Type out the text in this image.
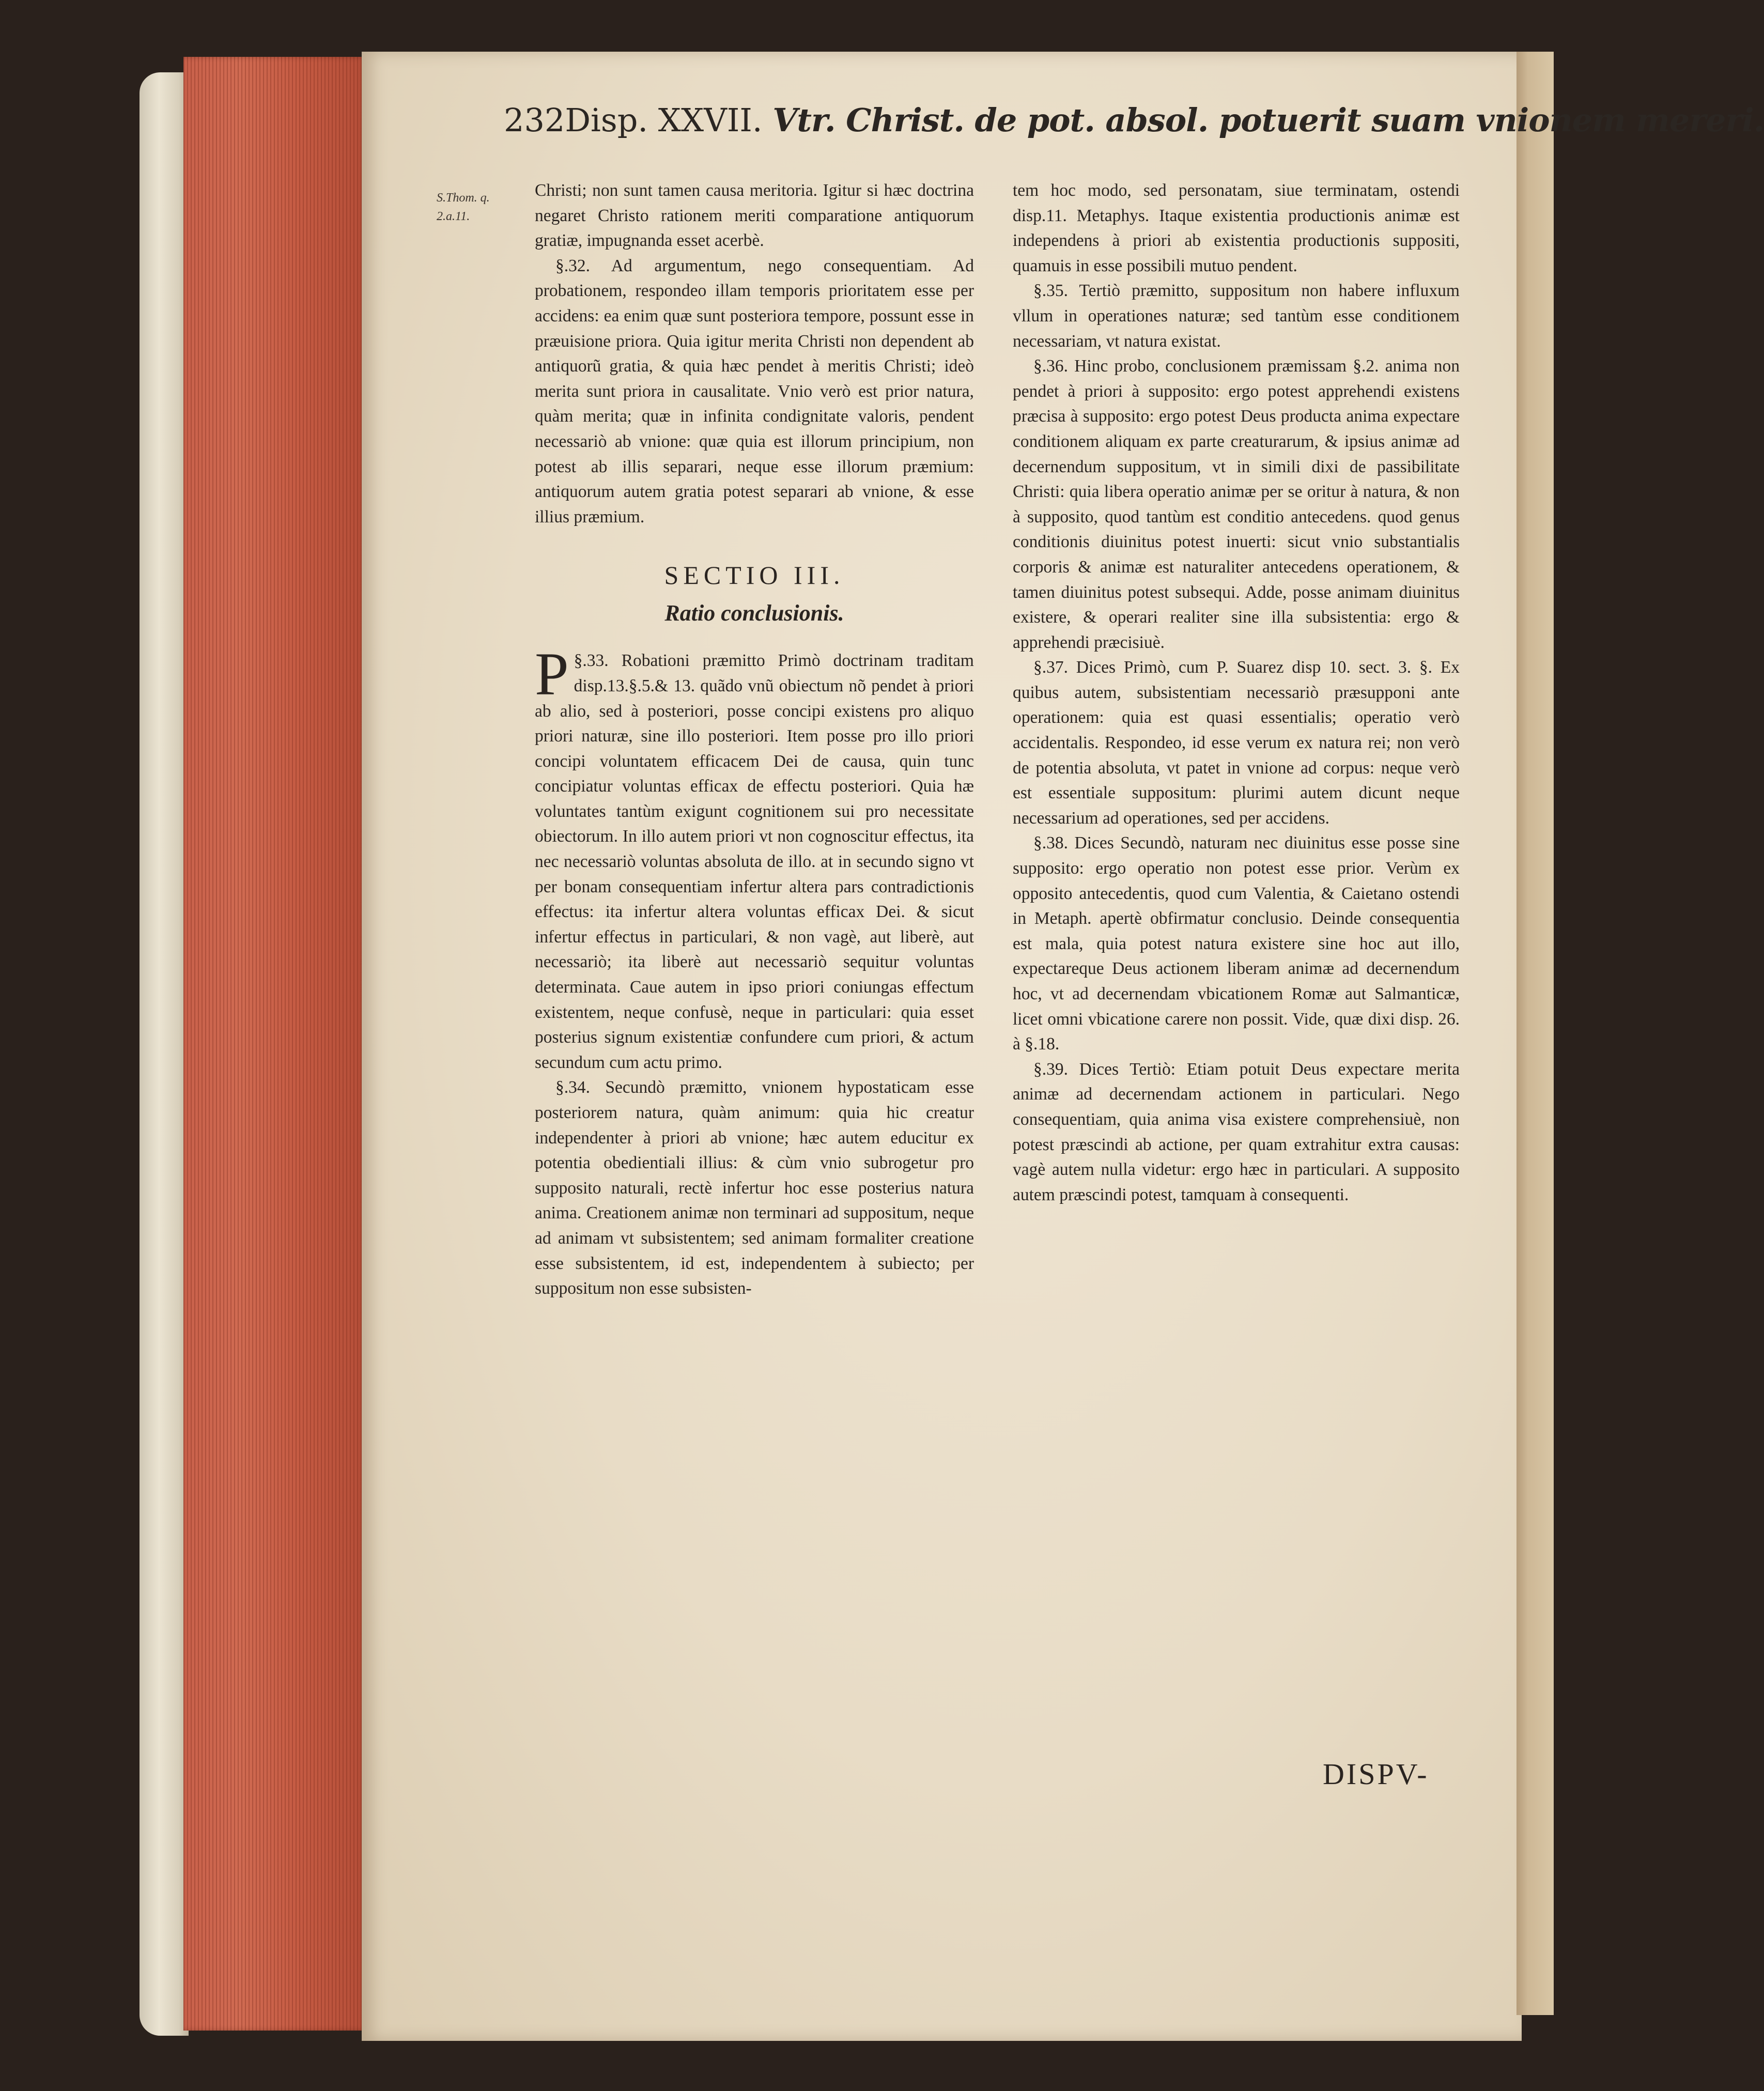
232Disp. XXVII. Vtr. Christ. de pot. absol. potuerit suam vnionem mereri.
S.Thom. q. 2.a.11.

Christi; non sunt tamen causa meritoria. Igitur si hæc doctrina negaret Christo rationem meriti comparatione antiquorum gratiæ, impugnanda esset acerbè.

§.32. Ad argumentum, nego consequentiam. Ad probationem, respondeo illam temporis prioritatem esse per accidens: ea enim quæ sunt posteriora tempore, possunt esse in præuisione priora. Quia igitur merita Christi non dependent ab antiquorũ gratia, & quia hæc pendet à meritis Christi; ideò merita sunt priora in causalitate. Vnio verò est prior natura, quàm merita; quæ in infinita condignitate valoris, pendent necessariò ab vnione: quæ quia est illorum principium, non potest ab illis separari, neque esse illorum præmium: antiquorum autem gratia potest separari ab vnione, & esse illius præmium.

SECTIO III.
Ratio conclusionis.

§.33.
P	Robationi præmitto Primò doctrinam traditam disp.13.§.5.& 13. quãdo vnũ obiectum nõ pendet à priori ab alio, sed à posteriori, posse concipi existens pro aliquo priori naturæ, sine illo posteriori. Item posse pro illo priori concipi voluntatem efficacem Dei de causa, quin tunc concipiatur voluntas efficax de effectu posteriori. Quia hæ voluntates tantùm exigunt cognitionem sui pro necessitate obiectorum. In illo autem priori vt non cognoscitur effectus, ita nec necessariò voluntas absoluta de illo. at in secundo signo vt per bonam consequentiam infertur altera pars contradictionis effectus: ita infertur altera voluntas efficax Dei. & sicut infertur effectus in particulari, & non vagè, aut liberè, aut necessariò; ita liberè aut necessariò sequitur voluntas determinata. Caue autem in ipso priori coniungas effectum existentem, neque confusè, neque in particulari: quia esset posterius signum existentiæ confundere cum priori, & actum secundum cum actu primo.

§.34. Secundò præmitto, vnionem hypostaticam esse posteriorem natura, quàm animum: quia hic creatur independenter à priori ab vnione; hæc autem educitur ex potentia obedientiali illius: & cùm vnio subrogetur pro supposito naturali, rectè infertur hoc esse posterius natura anima. Creationem animæ non terminari ad suppositum, neque ad animam vt subsistentem; sed animam formaliter creatione esse subsistentem, id est, independentem à subiecto; per suppositum non esse subsisten-

tem hoc modo, sed personatam, siue terminatam, ostendi disp.11. Metaphys. Itaque existentia productionis animæ est independens à priori ab existentia productionis suppositi, quamuis in esse possibili mutuo pendent.

§.35. Tertiò præmitto, suppositum non habere influxum vllum in operationes naturæ; sed tantùm esse conditionem necessariam, vt natura existat.

§.36. Hinc probo, conclusionem præmissam §.2. anima non pendet à priori à supposito: ergo potest apprehendi existens præcisa à supposito: ergo potest Deus producta anima expectare conditionem aliquam ex parte creaturarum, & ipsius animæ ad decernendum suppositum, vt in simili dixi de passibilitate Christi: quia libera operatio animæ per se oritur à natura, & non à supposito, quod tantùm est conditio antecedens. quod genus conditionis diuinitus potest inuerti: sicut vnio substantialis corporis & animæ est naturaliter antecedens operationem, & tamen diuinitus potest subsequi. Adde, posse animam diuinitus existere, & operari realiter sine illa subsistentia: ergo & apprehendi præcisiuè.

§.37. Dices Primò, cum P. Suarez disp 10. sect. 3. §. Ex quibus autem, subsistentiam necessariò præsupponi ante operationem: quia est quasi essentialis; operatio verò accidentalis. Respondeo, id esse verum ex natura rei; non verò de potentia absoluta, vt patet in vnione ad corpus: neque verò est essentiale suppositum: plurimi autem dicunt neque necessarium ad operationes, sed per accidens.

§.38. Dices Secundò, naturam nec diuinitus esse posse sine supposito: ergo operatio non potest esse prior. Verùm ex opposito antecedentis, quod cum Valentia, & Caietano ostendi in Metaph. apertè obfirmatur conclusio. Deinde consequentia est mala, quia potest natura existere sine hoc aut illo, expectareque Deus actionem liberam animæ ad decernendum hoc, vt ad decernendam vbicationem Romæ aut Salmanticæ, licet omni vbicatione carere non possit. Vide, quæ dixi disp. 26. à §.18.

§.39. Dices Tertiò: Etiam potuit Deus expectare merita animæ ad decernendam actionem in particulari. Nego consequentiam, quia anima visa existere comprehensiuè, non potest præscindi ab actione, per quam extrahitur extra causas: vagè autem nulla videtur: ergo hæc in particulari. A supposito autem præscindi potest, tamquam à consequenti.

DISPV-
